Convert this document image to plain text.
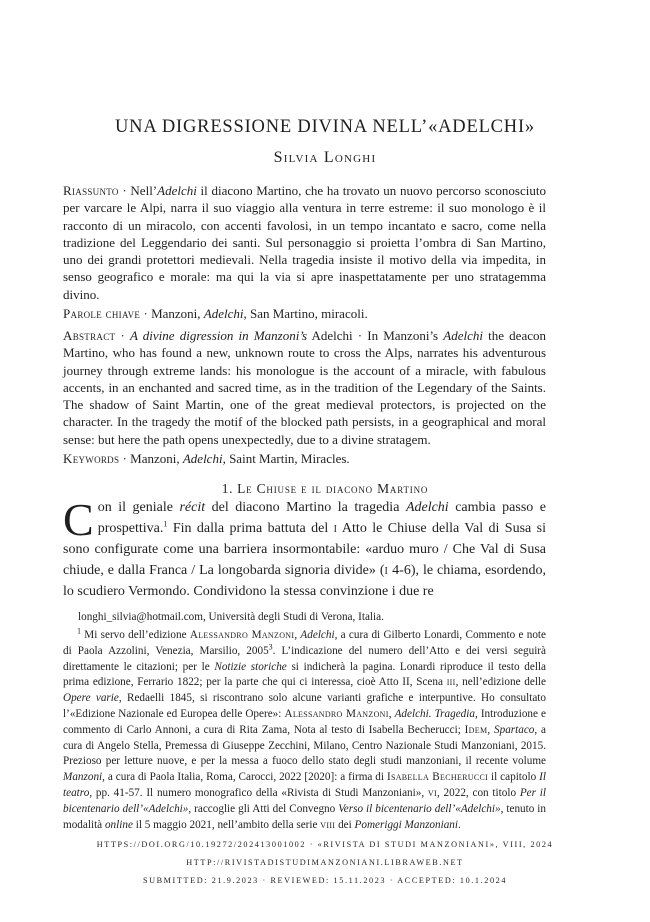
UNA DIGRESSIONE DIVINA NELL’«ADELCHI»
Silvia Longhi
Riassunto · Nell’Adelchi il diacono Martino, che ha trovato un nuovo percorso sconosciuto per varcare le Alpi, narra il suo viaggio alla ventura in terre estreme: il suo monologo è il racconto di un miracolo, con accenti favolosi, in un tempo incantato e sacro, come nella tradizione del Leggendario dei santi. Sul personaggio si proietta l’ombra di San Martino, uno dei grandi protettori medievali. Nella tragedia insiste il motivo della via impedita, in senso geografico e morale: ma qui la via si apre inaspettatamente per uno stratagemma divino.
Parole chiave · Manzoni, Adelchi, San Martino, miracoli.
Abstract · A divine digression in Manzoni’s Adelchi · In Manzoni’s Adelchi the deacon Martino, who has found a new, unknown route to cross the Alps, narrates his adventurous journey through extreme lands: his monologue is the account of a miracle, with fabulous accents, in an enchanted and sacred time, as in the tradition of the Legendary of the Saints. The shadow of Saint Martin, one of the great medieval protectors, is projected on the character. In the tragedy the motif of the blocked path persists, in a geographical and moral sense: but here the path opens unexpectedly, due to a divine stratagem.
Keywords · Manzoni, Adelchi, Saint Martin, Miracles.
1. Le Chiuse e il diacono Martino
Con il geniale récit del diacono Martino la tragedia Adelchi cambia passo e prospettiva.$^1$ Fin dalla prima battuta del i Atto le Chiuse della Val di Susa si sono configurate come una barriera insormontabile: «arduo muro / Che Val di Susa chiude, e dalla Franca / La longobarda signoria divide» (i 4-6), le chiama, esordendo, lo scudiero Vermondo. Condividono la stessa convinzione i due re
longhi_silvia@hotmail.com, Università degli Studi di Verona, Italia.
$^1$ Mi servo dell’edizione Alessandro Manzoni, Adelchi, a cura di Gilberto Lonardi, Commento e note di Paola Azzolini, Venezia, Marsilio, 2005$^3$. L’indicazione del numero dell’Atto e dei versi seguirà direttamente le citazioni; per le Notizie storiche si indicherà la pagina. Lonardi riproduce il testo della prima edizione, Ferrario 1822; per la parte che qui ci interessa, cioè Atto II, Scena iii, nell’edizione delle Opere varie, Redaelli 1845, si riscontrano solo alcune varianti grafiche e interpuntive. Ho consultato l’«Edizione Nazionale ed Europea delle Opere»: Alessandro Manzoni, Adelchi. Tragedia, Introduzione e commento di Carlo Annoni, a cura di Rita Zama, Nota al testo di Isabella Becherucci; Idem, Spartaco, a cura di Angelo Stella, Premessa di Giuseppe Zecchini, Milano, Centro Nazionale Studi Manzoniani, 2015. Prezioso per letture nuove, e per la messa a fuoco dello stato degli studi manzoniani, il recente volume Manzoni, a cura di Paola Italia, Roma, Carocci, 2022 [2020]: a firma di Isabella Becherucci il capitolo Il teatro, pp. 41-57. Il numero monografico della «Rivista di Studi Manzoniani», vi, 2022, con titolo Per il bicentenario dell’«Adelchi», raccoglie gli Atti del Convegno Verso il bicentenario dell’«Adelchi», tenuto in modalità online il 5 maggio 2021, nell’ambito della serie viii dei Pomeriggi Manzoniani.
HTTPS://DOI.ORG/10.19272/202413001002 · «RIVISTA DI STUDI MANZONIANI», VIII, 2024
HTTP://RIVISTADISTUDIMANZONIANI.LIBRAWEB.NET
SUBMITTED: 21.9.2023 · REVIEWED: 15.11.2023 · ACCEPTED: 10.1.2024
